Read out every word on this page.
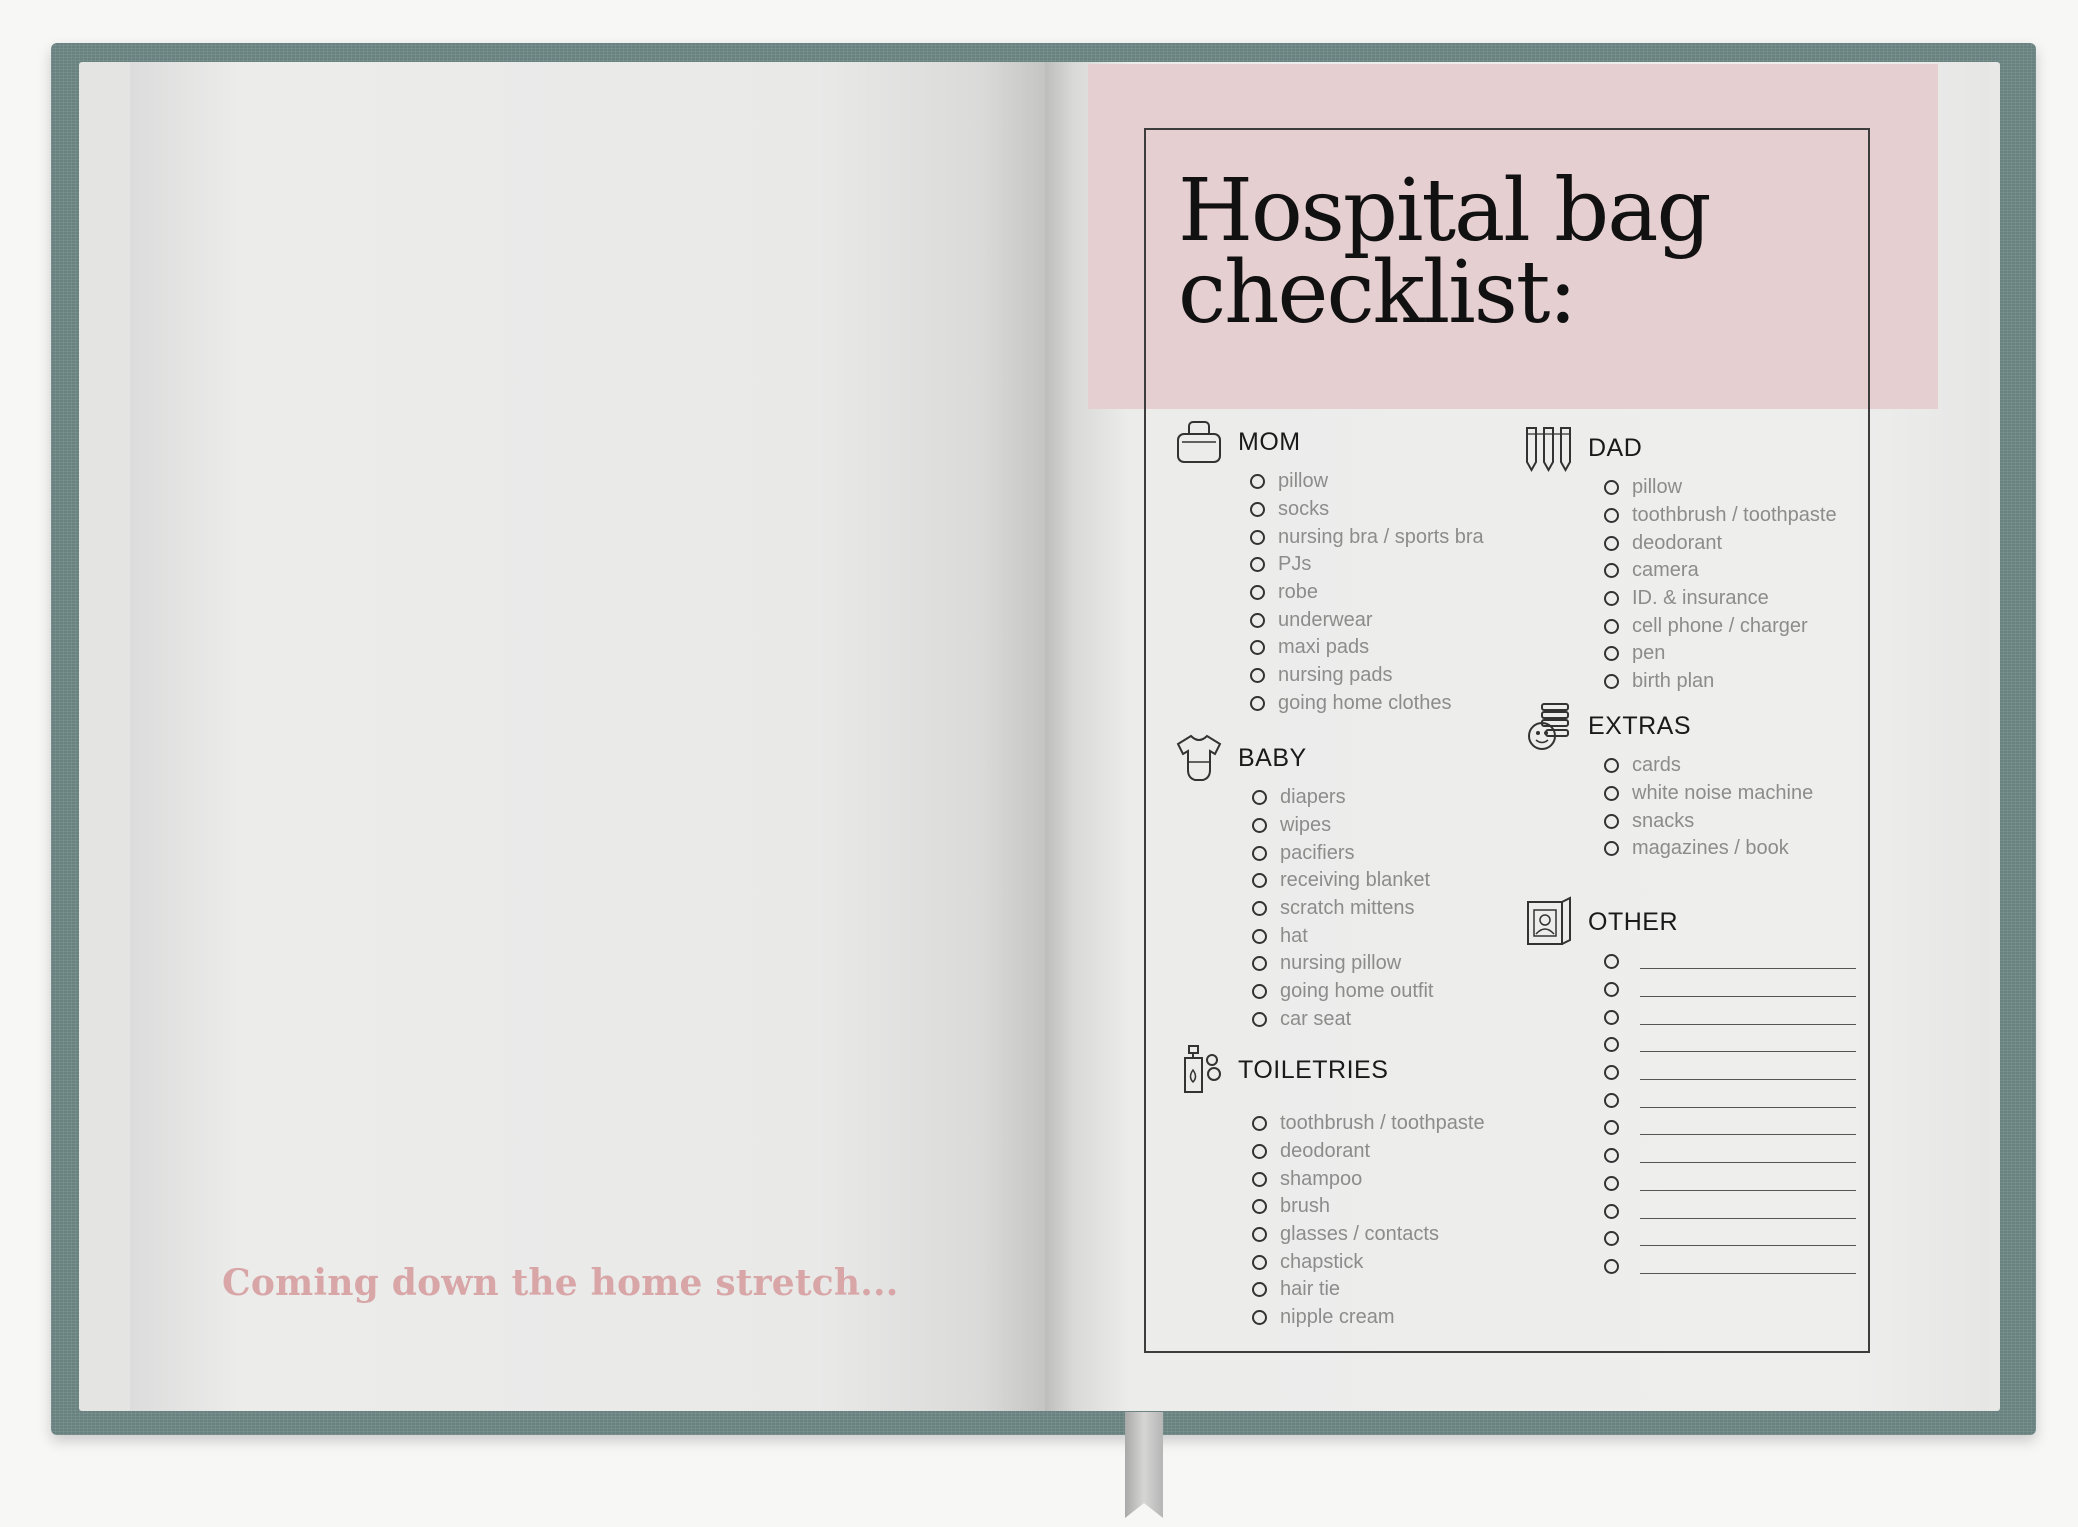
Coming down the home stretch...
Hospital bag
checklist:
MOM
pillow
socks
nursing bra / sports bra
PJs
robe
underwear
maxi pads
nursing pads
going home clothes
BABY
diapers
wipes
pacifiers
receiving blanket
scratch mittens
hat
nursing pillow
going home outfit
car seat
TOILETRIES
toothbrush / toothpaste
deodorant
shampoo
brush
glasses / contacts
chapstick
hair tie
nipple cream
DAD
pillow
toothbrush / toothpaste
deodorant
camera
ID. & insurance
cell phone / charger
pen
birth plan
EXTRAS
cards
white noise machine
snacks
magazines / book
OTHER
